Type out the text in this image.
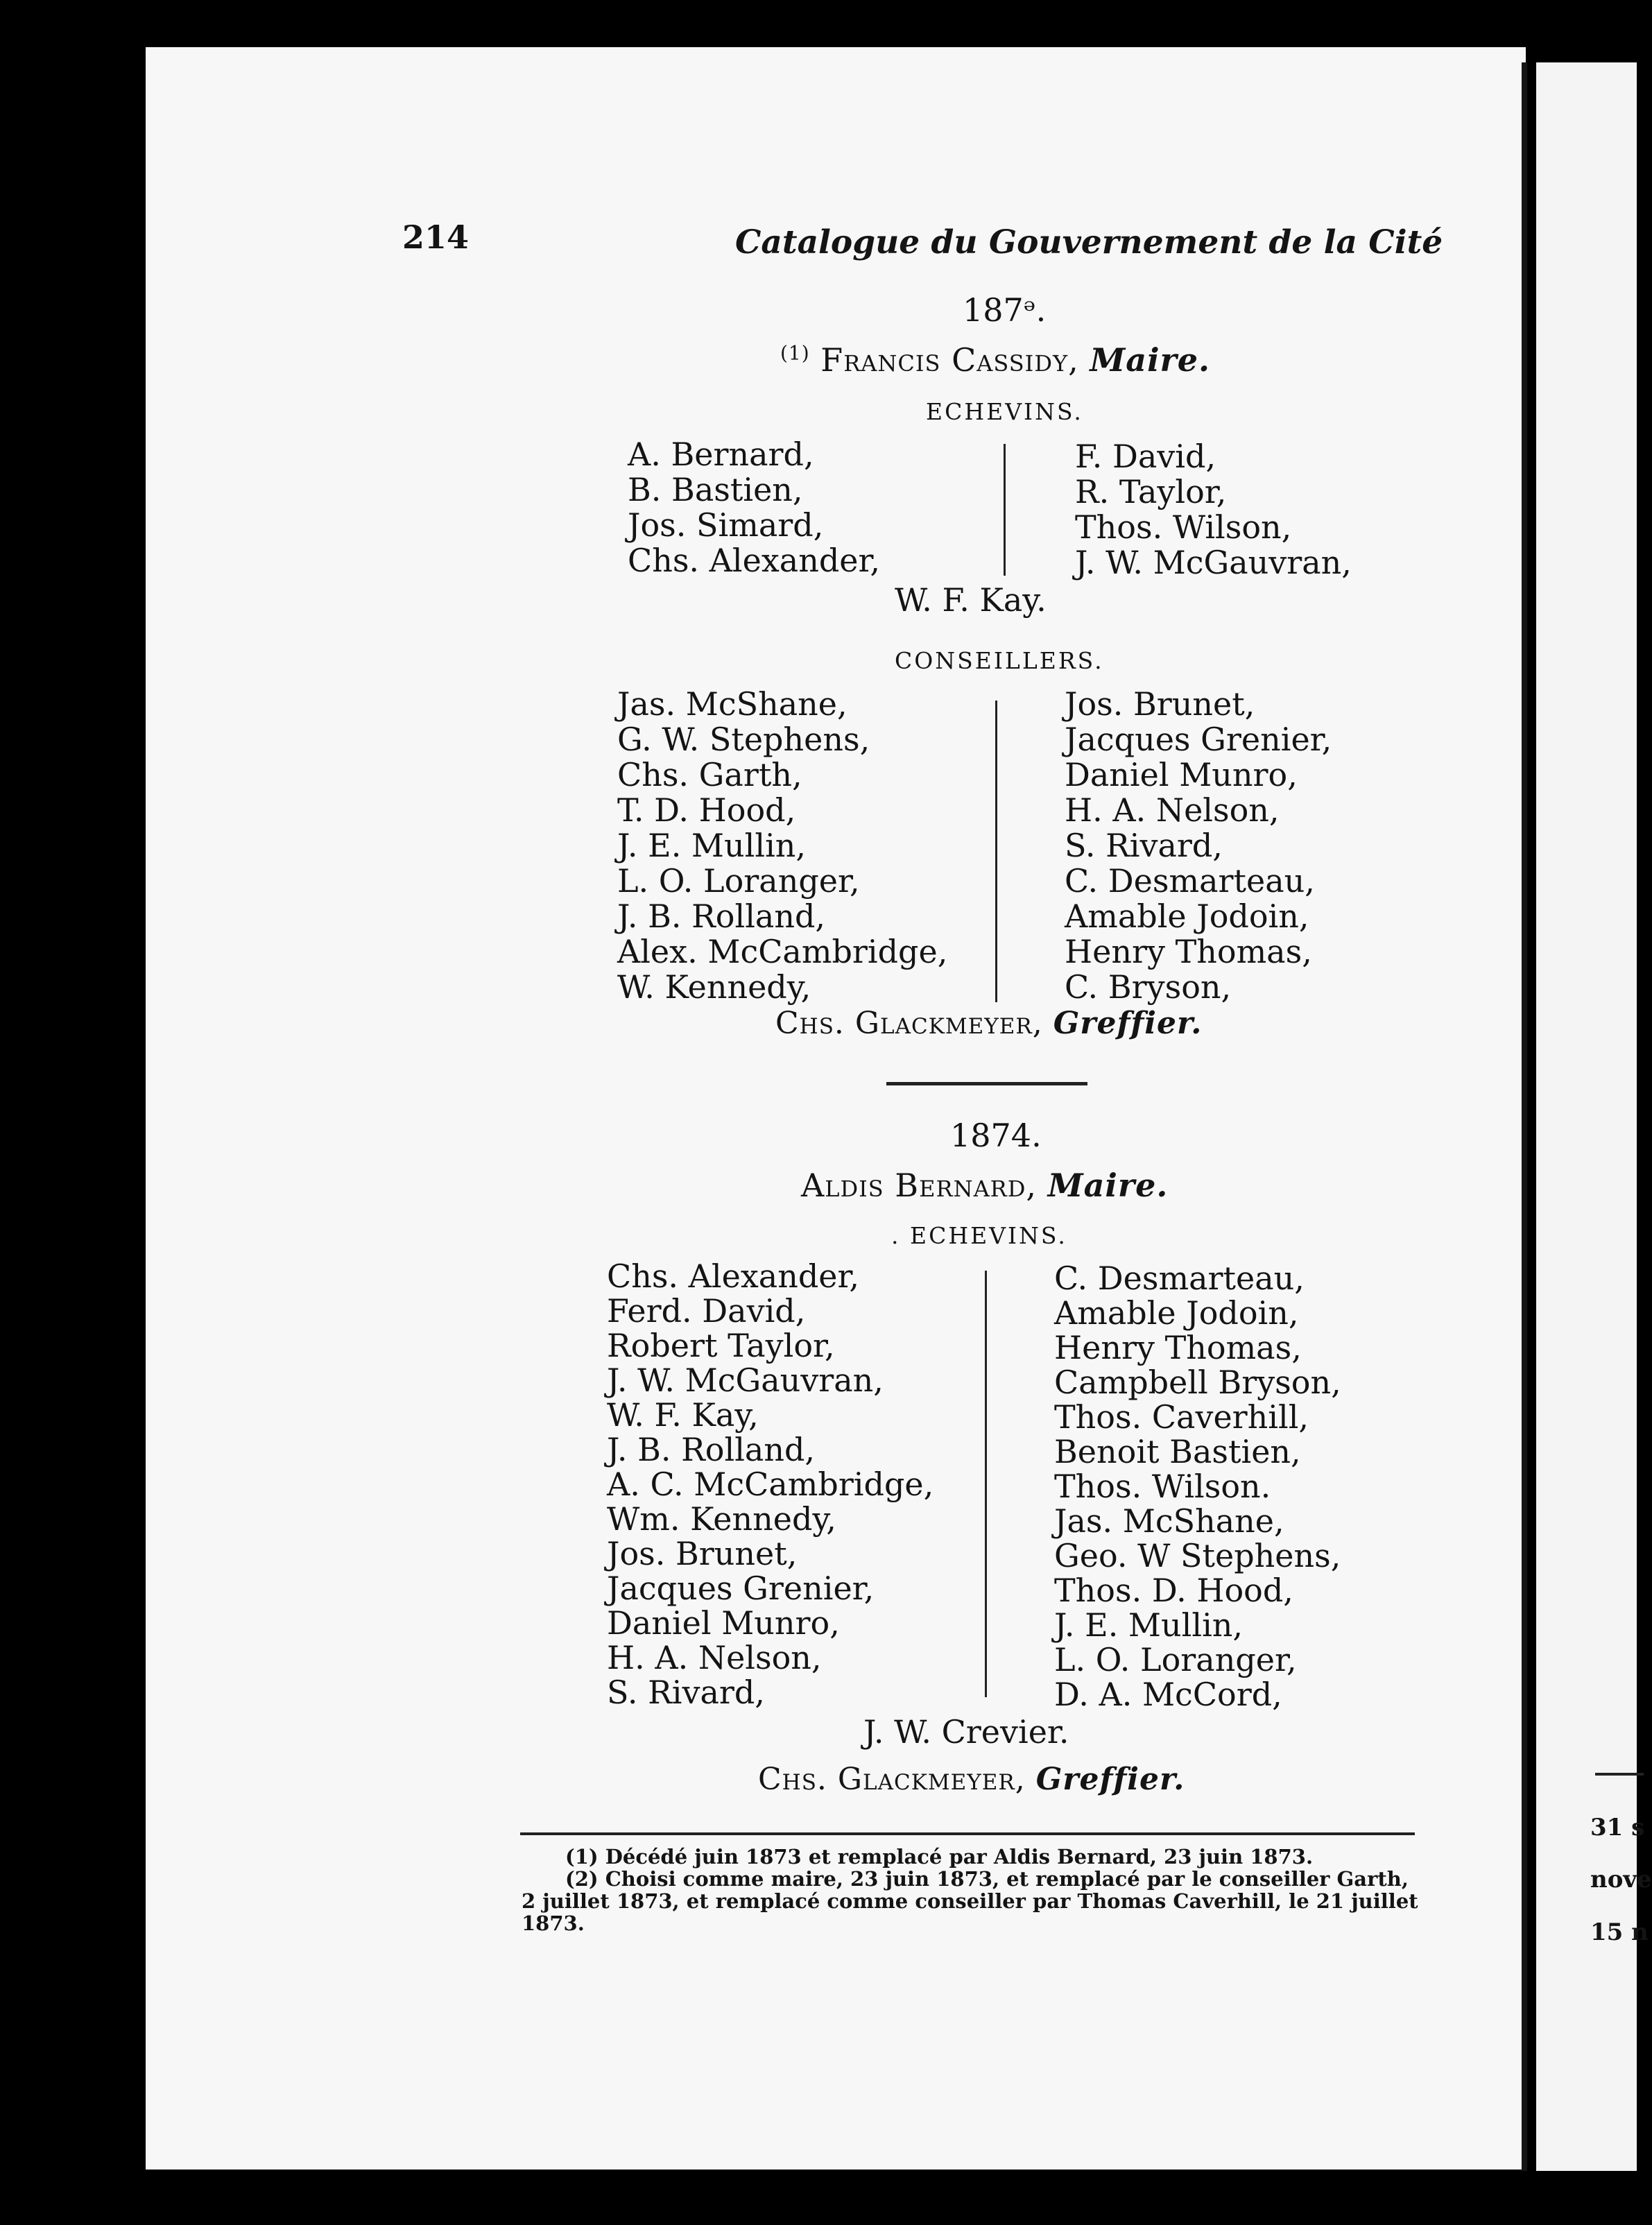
31 s
nove
15 n
214	Catalogue du Gouvernement de la Cité
187ᵊ.
$^{(1)}$ Francis Cassidy, Maire.
ECHEVINS.
A. Bernard,
B. Bastien,
Jos. Simard,
Chs. Alexander,
F. David,
R. Taylor,
Thos. Wilson,
J. W. McGauvran,
W. F. Kay.
CONSEILLERS.
Jas. McShane,
G. W. Stephens,
Chs. Garth,
T. D. Hood,
J. E. Mullin,
L. O. Loranger,
J. B. Rolland,
Alex. McCambridge,
W. Kennedy,
Jos. Brunet,
Jacques Grenier,
Daniel Munro,
H. A. Nelson,
S. Rivard,
C. Desmarteau,
Amable Jodoin,
Henry Thomas,
C. Bryson,
Chs. Glackmeyer, Greffier.
1874.
Aldis Bernard, Maire.
. ECHEVINS.
Chs. Alexander,
Ferd. David,
Robert Taylor,
J. W. McGauvran,
W. F. Kay,
J. B. Rolland,
A. C. McCambridge,
Wm. Kennedy,
Jos. Brunet,
Jacques Grenier,
Daniel Munro,
H. A. Nelson,
S. Rivard,
C. Desmarteau,
Amable Jodoin,
Henry Thomas,
Campbell Bryson,
Thos. Caverhill,
Benoit Bastien,
Thos. Wilson.
Jas. McShane,
Geo. W Stephens,
Thos. D. Hood,
J. E. Mullin,
L. O. Loranger,
D. A. McCord,
J. W. Crevier.
Chs. Glackmeyer, Greffier.
(1) Décédé juin 1873 et remplacé par Aldis Bernard, 23 juin 1873.
(2) Choisi comme maire, 23 juin 1873, et remplacé par le conseiller Garth,
2 juillet 1873, et remplacé comme conseiller par Thomas Caverhill, le 21 juillet
1873.
